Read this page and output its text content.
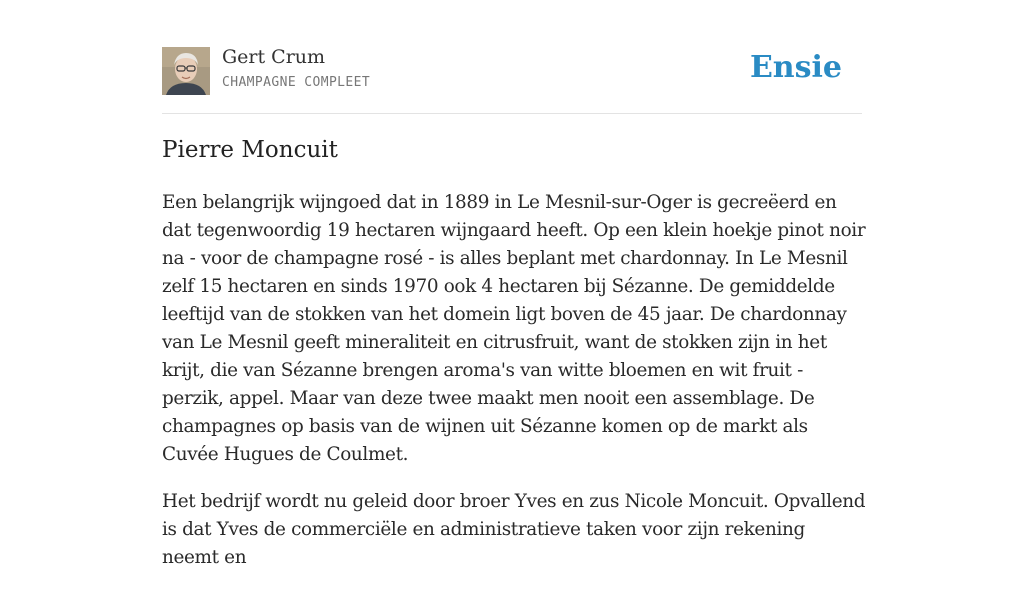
Gert Crum
CHAMPAGNE COMPLEET	Ensie
Pierre Moncuit

Een belangrijk wijngoed dat in 1889 in Le Mesnil-sur-Oger is gecreëerd en dat tegenwoordig 19 hectaren wijngaard heeft. Op een klein hoekje pinot noir na - voor de champagne rosé - is alles beplant met chardonnay. In Le Mesnil zelf 15 hectaren en sinds 1970 ook 4 hectaren bij Sézanne. De gemiddelde leeftijd van de stokken van het domein ligt boven de 45 jaar. De chardonnay van Le Mesnil geeft mineraliteit en citrusfruit, want de stokken zijn in het krijt, die van Sézanne brengen aroma's van witte bloemen en wit fruit - perzik, appel. Maar van deze twee maakt men nooit een assemblage. De champagnes op basis van de wijnen uit Sézanne komen op de markt als Cuvée Hugues de Coulmet.

Het bedrijf wordt nu geleid door broer Yves en zus Nicole Moncuit. Opvallend is dat Yves de commerciële en administratieve taken voor zijn rekening neemt en
